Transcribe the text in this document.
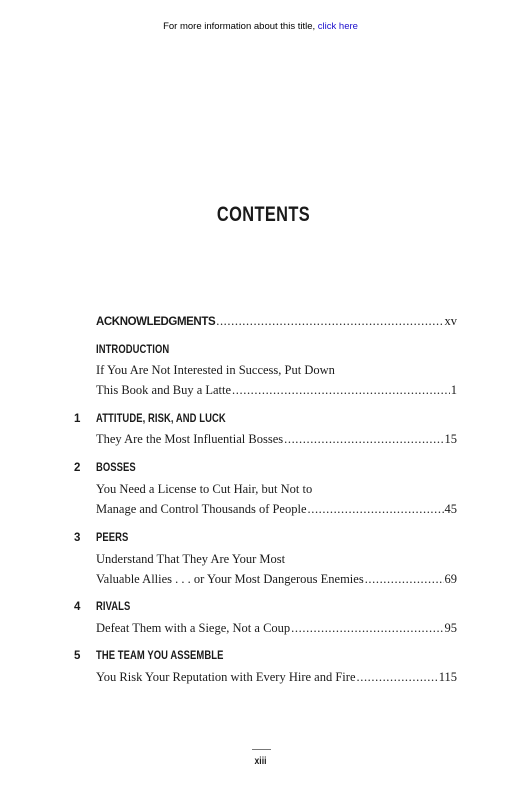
For more information about this title, click here
CONTENTS
ACKNOWLEDGMENTS .....	xv
INTRODUCTION
If You Are Not Interested in Success, Put Down
This Book and Buy a Latte .....	1
1 ATTITUDE, RISK, AND LUCK
They Are the Most Influential Bosses .....	15
2 BOSSES
You Need a License to Cut Hair, but Not to
Manage and Control Thousands of People .....	45
3 PEERS
Understand That They Are Your Most
Valuable Allies . . . or Your Most Dangerous Enemies .....	69
4 RIVALS
Defeat Them with a Siege, Not a Coup .....	95
5 THE TEAM YOU ASSEMBLE
You Risk Your Reputation with Every Hire and Fire .....	115
xiii
